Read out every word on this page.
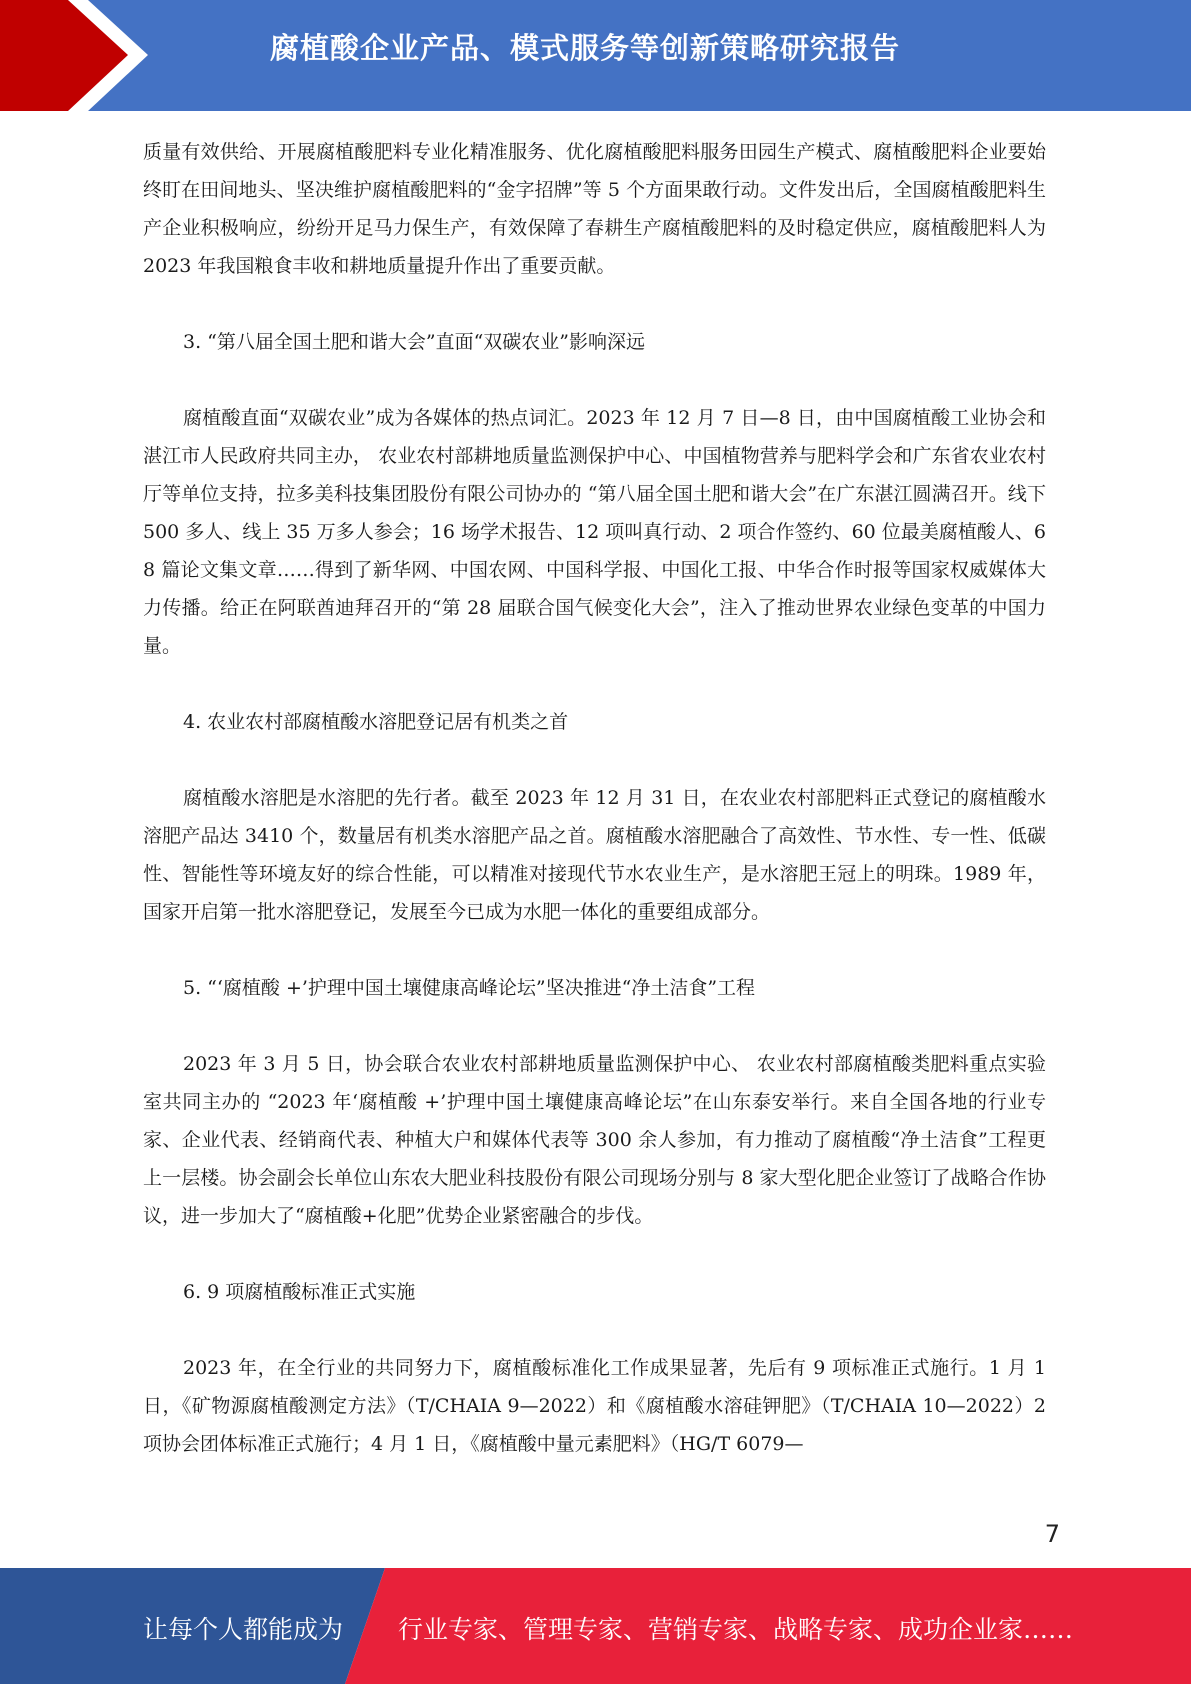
腐植酸企业产品、模式服务等创新策略研究报告

质量有效供给、开展腐植酸肥料专业化精准服务、优化腐植酸肥料服务田园生产模式、腐植酸肥料企业要始终盯在田间地头、坚决维护腐植酸肥料的“金字招牌”等 5 个方面果敢行动。文件发出后，全国腐植酸肥料生产企业积极响应，纷纷开足马力保生产，有效保障了春耕生产腐植酸肥料的及时稳定供应，腐植酸肥料人为 2023 年我国粮食丰收和耕地质量提升作出了重要贡献。

3. “第八届全国土肥和谐大会”直面“双碳农业”影响深远

腐植酸直面“双碳农业”成为各媒体的热点词汇。2023 年 12 月 7 日—8 日，由中国腐植酸工业协会和湛江市人民政府共同主办， 农业农村部耕地质量监测保护中心、中国植物营养与肥料学会和广东省农业农村厅等单位支持，拉多美科技集团股份有限公司协办的 “第八届全国土肥和谐大会”在广东湛江圆满召开。线下 500 多人、线上 35 万多人参会；16 场学术报告、12 项叫真行动、2 项合作签约、60 位最美腐植酸人、68 篇论文集文章……得到了新华网、中国农网、中国科学报、中国化工报、中华合作时报等国家权威媒体大力传播。给正在阿联酋迪拜召开的“第 28 届联合国气候变化大会”，注入了推动世界农业绿色变革的中国力量。

4. 农业农村部腐植酸水溶肥登记居有机类之首

腐植酸水溶肥是水溶肥的先行者。截至 2023 年 12 月 31 日，在农业农村部肥料正式登记的腐植酸水溶肥产品达 3410 个，数量居有机类水溶肥产品之首。腐植酸水溶肥融合了高效性、节水性、专一性、低碳性、智能性等环境友好的综合性能，可以精准对接现代节水农业生产，是水溶肥王冠上的明珠。1989 年，国家开启第一批水溶肥登记，发展至今已成为水肥一体化的重要组成部分。

5. “‘腐植酸 +’护理中国土壤健康高峰论坛”坚决推进“净土洁食”工程

2023 年 3 月 5 日，协会联合农业农村部耕地质量监测保护中心、 农业农村部腐植酸类肥料重点实验室共同主办的 “2023 年‘腐植酸 +’护理中国土壤健康高峰论坛”在山东泰安举行。来自全国各地的行业专家、企业代表、经销商代表、种植大户和媒体代表等 300 余人参加，有力推动了腐植酸“净土洁食”工程更上一层楼。协会副会长单位山东农大肥业科技股份有限公司现场分别与 8 家大型化肥企业签订了战略合作协议，进一步加大了“腐植酸+化肥”优势企业紧密融合的步伐。

6. 9 项腐植酸标准正式实施

2023 年，在全行业的共同努力下，腐植酸标准化工作成果显著，先后有 9 项标准正式施行。1 月 1 日，《矿物源腐植酸测定方法》（T/CHAIA 9—2022）和《腐植酸水溶硅钾肥》（T/CHAIA 10—2022）2 项协会团体标准正式施行；4 月 1 日，《腐植酸中量元素肥料》（HG/T 6079—

7
让每个人都能成为 行业专家、管理专家、营销专家、战略专家、成功企业家……
